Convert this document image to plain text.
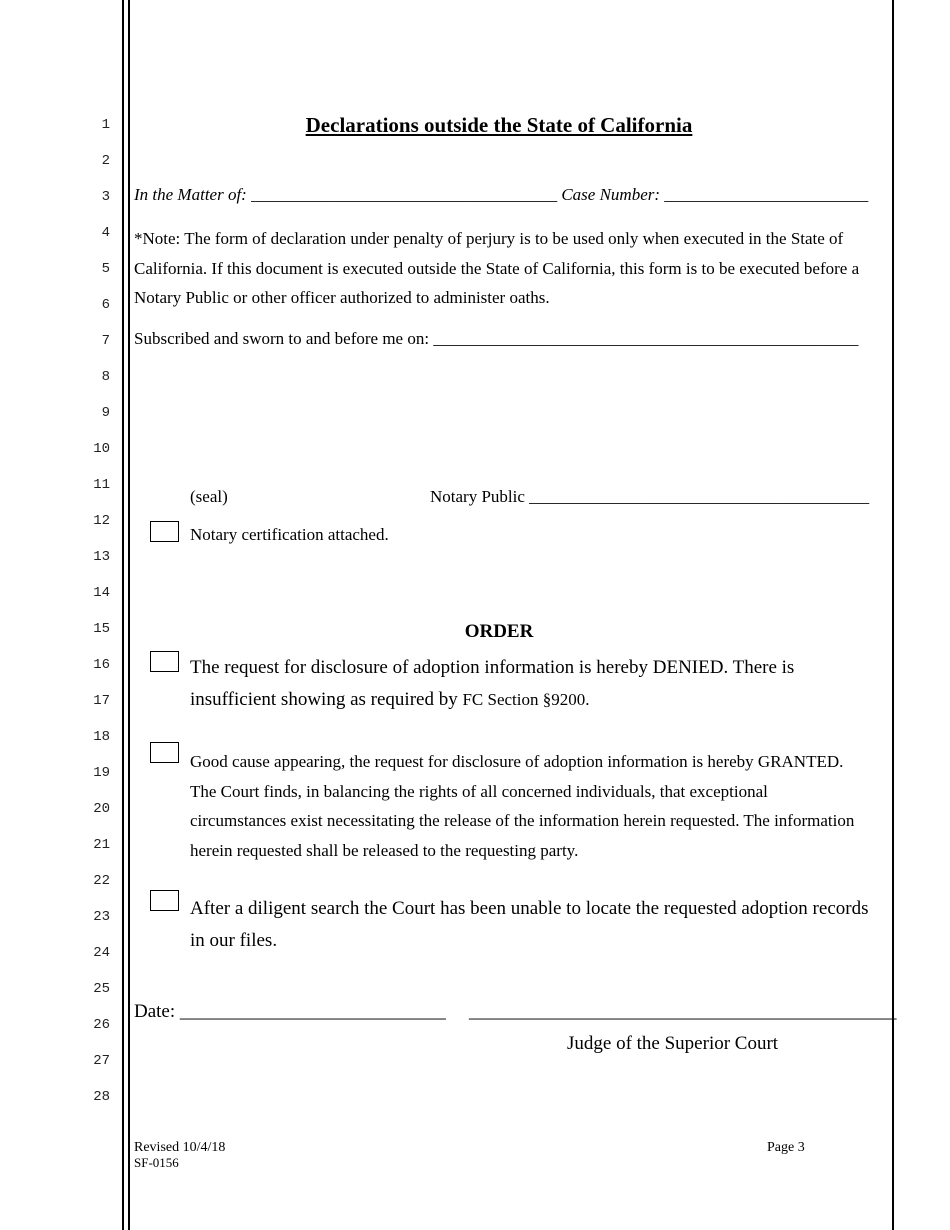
1
2
3
4
5
6
7
8
9
10
11
12
13
14
15
16
17
18
19
20
21
22
23
24
25
26
27
28
Declarations outside the State of California
In the Matter of: ____________________________________ Case Number: ________________________
*Note: The form of declaration under penalty of perjury is to be used only when executed in the State of
California. If this document is executed outside the State of California, this form is to be executed before a
Notary Public or other officer authorized to administer oaths.
Subscribed and sworn to and before me on: __________________________________________________
(seal)	Notary Public ________________________________________
Notary certification attached.
ORDER
The request for disclosure of adoption information is hereby DENIED. There is
insufficient showing as required by FC Section §9200.
Good cause appearing, the request for disclosure of adoption information is hereby GRANTED.
The Court finds, in balancing the rights of all concerned individuals, that exceptional
circumstances exist necessitating the release of the information herein requested. The information
herein requested shall be released to the requesting party.
After a diligent search the Court has been unable to locate the requested adoption records
in our files.
Date: ____________________________ _____________________________________________
Judge of the Superior Court
Revised 10/4/18
SF-0156
Page 3
